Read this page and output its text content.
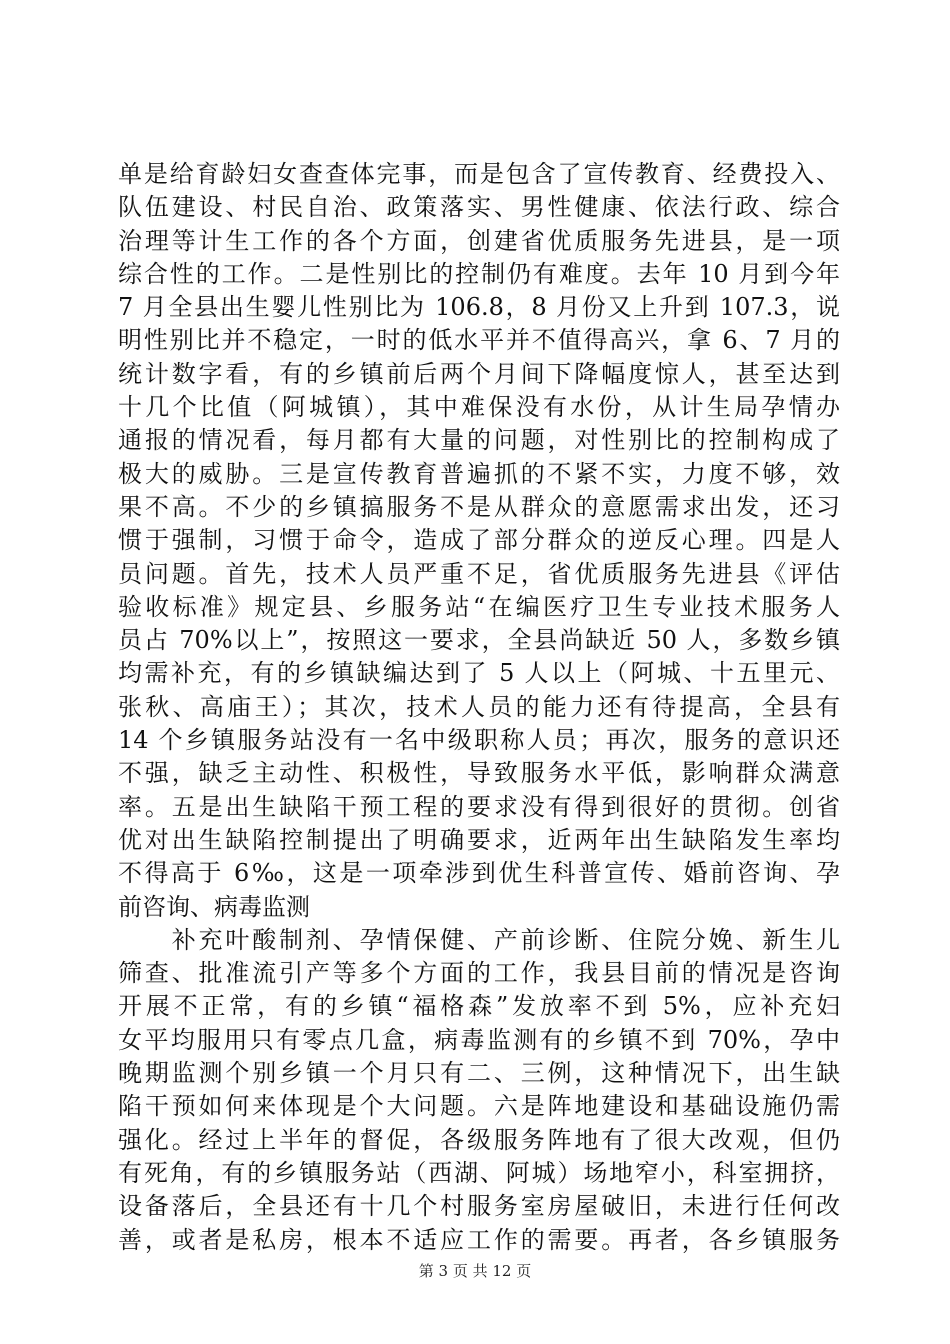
单是给育龄妇女查查体完事，而是包含了宣传教育、经费投入、
队伍建设、村民自治、政策落实、男性健康、依法行政、综合
治理等计生工作的各个方面，创建省优质服务先进县，是一项
综合性的工作。二是性别比的控制仍有难度。去年 10 月到今年
7 月全县出生婴儿性别比为 106.8，8 月份又上升到 107.3，说
明性别比并不稳定，一时的低水平并不值得高兴，拿 6、7 月的
统计数字看，有的乡镇前后两个月间下降幅度惊人，甚至达到
十几个比值（阿城镇），其中难保没有水份，从计生局孕情办
通报的情况看，每月都有大量的问题，对性别比的控制构成了
极大的威胁。三是宣传教育普遍抓的不紧不实，力度不够，效
果不高。不少的乡镇搞服务不是从群众的意愿需求出发，还习
惯于强制，习惯于命令，造成了部分群众的逆反心理。四是人
员问题。首先，技术人员严重不足，省优质服务先进县《评估
验收标准》规定县、乡服务站“在编医疗卫生专业技术服务人
员占 70%以上”，按照这一要求，全县尚缺近 50 人，多数乡镇
均需补充，有的乡镇缺编达到了 5 人以上（阿城、十五里元、
张秋、高庙王）；其次，技术人员的能力还有待提高，全县有
14 个乡镇服务站没有一名中级职称人员；再次，服务的意识还
不强，缺乏主动性、积极性，导致服务水平低，影响群众满意
率。五是出生缺陷干预工程的要求没有得到很好的贯彻。创省
优对出生缺陷控制提出了明确要求，近两年出生缺陷发生率均
不得高于 6‰，这是一项牵涉到优生科普宣传、婚前咨询、孕
前咨询、病毒监测
　　补充叶酸制剂、孕情保健、产前诊断、住院分娩、新生儿
筛查、批准流引产等多个方面的工作，我县目前的情况是咨询
开展不正常，有的乡镇“福格森”发放率不到 5%，应补充妇
女平均服用只有零点几盒，病毒监测有的乡镇不到 70%，孕中
晚期监测个别乡镇一个月只有二、三例，这种情况下，出生缺
陷干预如何来体现是个大问题。六是阵地建设和基础设施仍需
强化。经过上半年的督促，各级服务阵地有了很大改观，但仍
有死角，有的乡镇服务站（西湖、阿城）场地窄小，科室拥挤，
设备落后，全县还有十几个村服务室房屋破旧，未进行任何改
善，或者是私房，根本不适应工作的需要。再者，各乡镇服务
第 3 页 共 12 页
